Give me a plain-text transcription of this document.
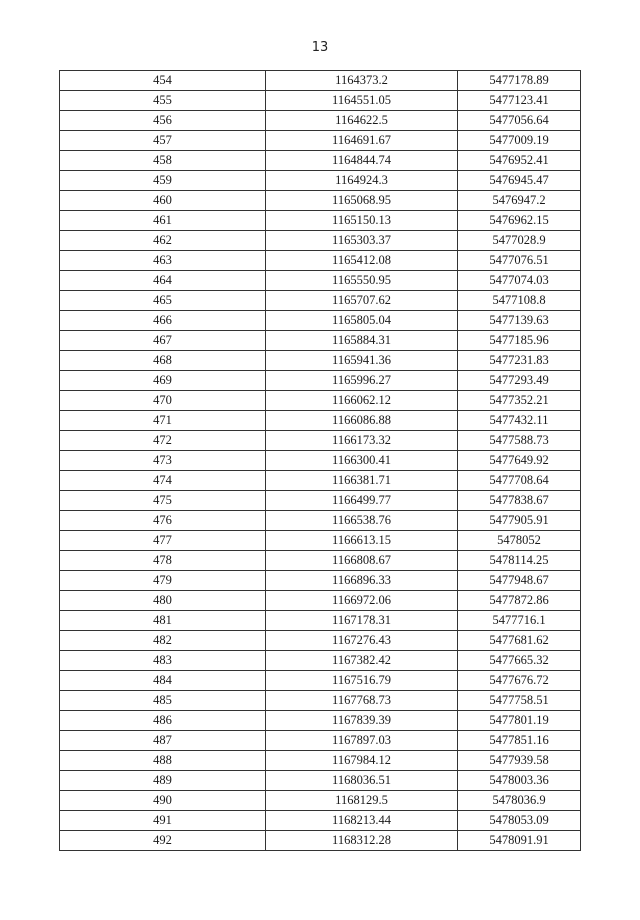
13
454	1164373.2	5477178.89
455	1164551.05	5477123.41
456	1164622.5	5477056.64
457	1164691.67	5477009.19
458	1164844.74	5476952.41
459	1164924.3	5476945.47
460	1165068.95	5476947.2
461	1165150.13	5476962.15
462	1165303.37	5477028.9
463	1165412.08	5477076.51
464	1165550.95	5477074.03
465	1165707.62	5477108.8
466	1165805.04	5477139.63
467	1165884.31	5477185.96
468	1165941.36	5477231.83
469	1165996.27	5477293.49
470	1166062.12	5477352.21
471	1166086.88	5477432.11
472	1166173.32	5477588.73
473	1166300.41	5477649.92
474	1166381.71	5477708.64
475	1166499.77	5477838.67
476	1166538.76	5477905.91
477	1166613.15	5478052
478	1166808.67	5478114.25
479	1166896.33	5477948.67
480	1166972.06	5477872.86
481	1167178.31	5477716.1
482	1167276.43	5477681.62
483	1167382.42	5477665.32
484	1167516.79	5477676.72
485	1167768.73	5477758.51
486	1167839.39	5477801.19
487	1167897.03	5477851.16
488	1167984.12	5477939.58
489	1168036.51	5478003.36
490	1168129.5	5478036.9
491	1168213.44	5478053.09
492	1168312.28	5478091.91
